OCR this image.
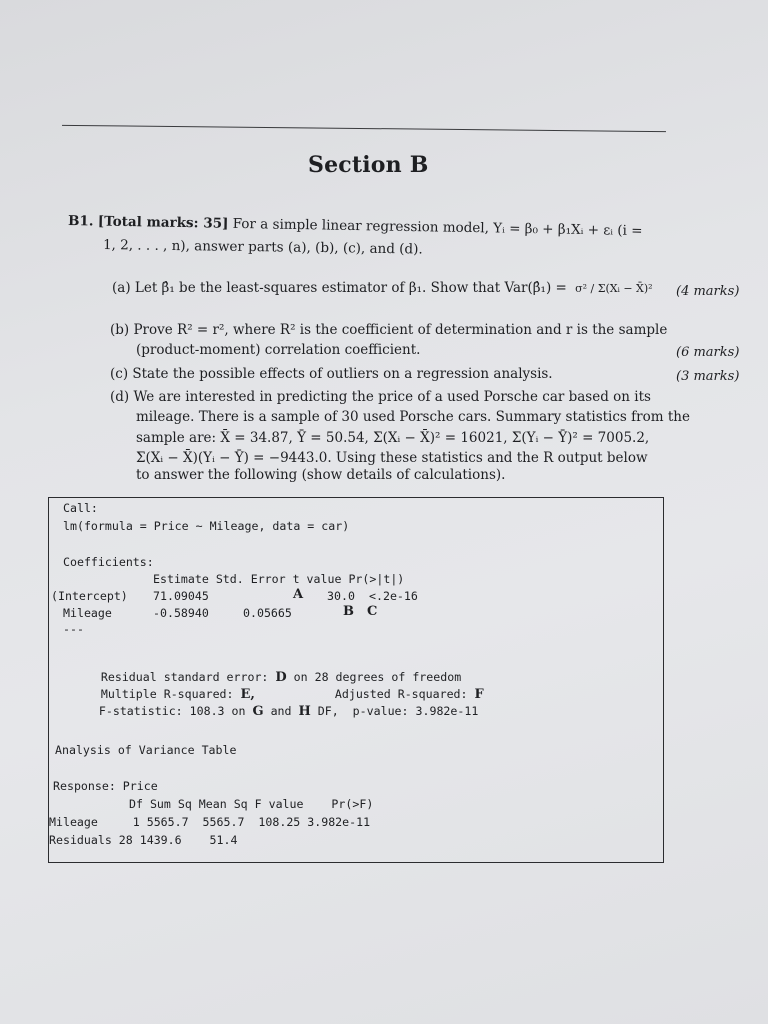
Section B
B1. [Total marks: 35] For a simple linear regression model, Yᵢ = β₀ + β₁Xᵢ + εᵢ (i =
1, 2, . . . , n), answer parts (a), (b), (c), and (d).
(a) Let β̂₁ be the least-squares estimator of β₁. Show that Var(β̂₁) = σ² / Σ(Xᵢ − X̄)² (4 marks)
(b) Prove R² = r², where R² is the coefficient of determination and r is the sample
(product-moment) correlation coefficient.	(6 marks)
(c) State the possible effects of outliers on a regression analysis.	(3 marks)
(d) We are interested in predicting the price of a used Porsche car based on its
mileage. There is a sample of 30 used Porsche cars. Summary statistics from the
sample are: X̄ = 34.87, Ȳ = 50.54, Σ(Xᵢ − X̄)² = 16021, Σ(Yᵢ − Ȳ)² = 7005.2,
Σ(Xᵢ − X̄)(Yᵢ − Ȳ) = −9443.0. Using these statistics and the R output below
to answer the following (show details of calculations).
Call:
lm(formula = Price ~ Mileage, data = car)
Coefficients:
Estimate Std. Error t value Pr(>|t|)
(Intercept) 71.09045	A 30.0 <.2e-16
Mileage	-0.58940	0.05665	B C
---

Residual standard error: D on 28 degrees of freedom

Multiple R-squared: E,
	Adjusted R-squared: F

F-statistic: 108.3 on G and H DF,  p-value: 3.982e-11

Analysis of Variance Table
Response: Price
Df Sum Sq Mean Sq F value    Pr(>F)
Mileage     1 5565.7  5565.7  108.25 3.982e-11
Residuals 28 1439.6    51.4
